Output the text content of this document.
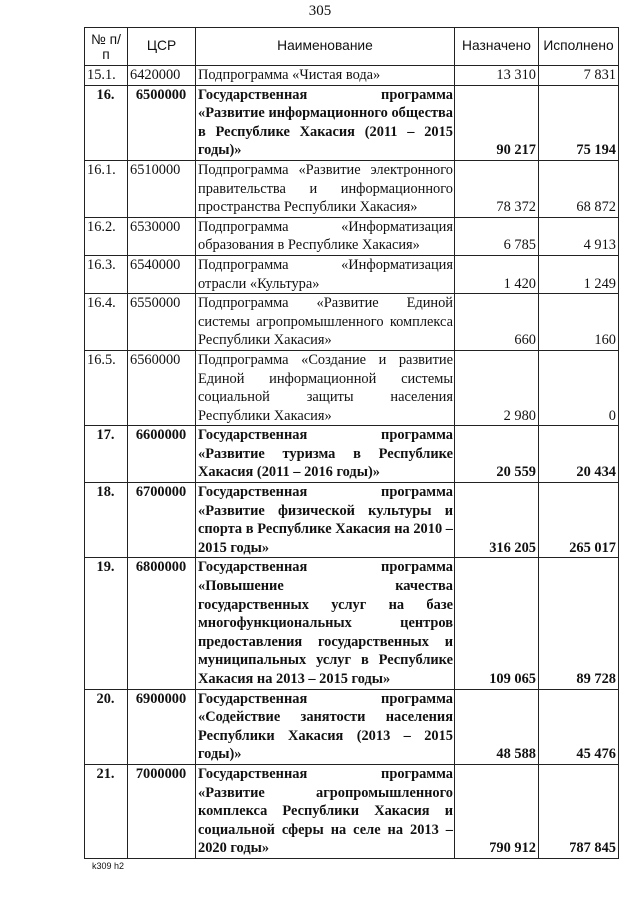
305
№ п/п	ЦСР	Наименование	Назначено	Исполнено
15.1.	6420000	Подпрограмма «Чистая вода»	13 310	7 831
16.	6500000	Государственная программа «Развитие информационного общества в Республике Хакасия (2011 – 2015 годы)»	90 217	75 194
16.1.	6510000	Подпрограмма «Развитие электронного правительства и информационного пространства Республики Хакасия»	78 372	68 872
16.2.	6530000	Подпрограмма «Информатизация образования в Республике Хакасия»	6 785	4 913
16.3.	6540000	Подпрограмма «Информатизация отрасли «Культура»	1 420	1 249
16.4.	6550000	Подпрограмма «Развитие Единой системы агропромышленного комплекса Республики Хакасия»	660	160
16.5.	6560000	Подпрограмма «Создание и развитие Единой информационной системы социальной защиты населения Республики Хакасия»	2 980	0
17.	6600000	Государственная программа «Развитие туризма в Республике Хакасия (2011 – 2016 годы)»	20 559	20 434
18.	6700000	Государственная программа «Развитие физической культуры и спорта в Республике Хакасия на 2010 – 2015 годы»	316 205	265 017
19.	6800000	Государственная программа «Повышение качества государственных услуг на базе многофункциональных центров предоставления государственных и муниципальных услуг в Республике Хакасия на 2013 – 2015 годы»	109 065	89 728
20.	6900000	Государственная программа «Содействие занятости населения Республики Хакасия (2013 – 2015 годы)»	48 588	45 476
21.	7000000	Государственная программа «Развитие агропромышленного комплекса Республики Хакасия и социальной сферы на селе на 2013 – 2020 годы»	790 912	787 845
k309 h2
